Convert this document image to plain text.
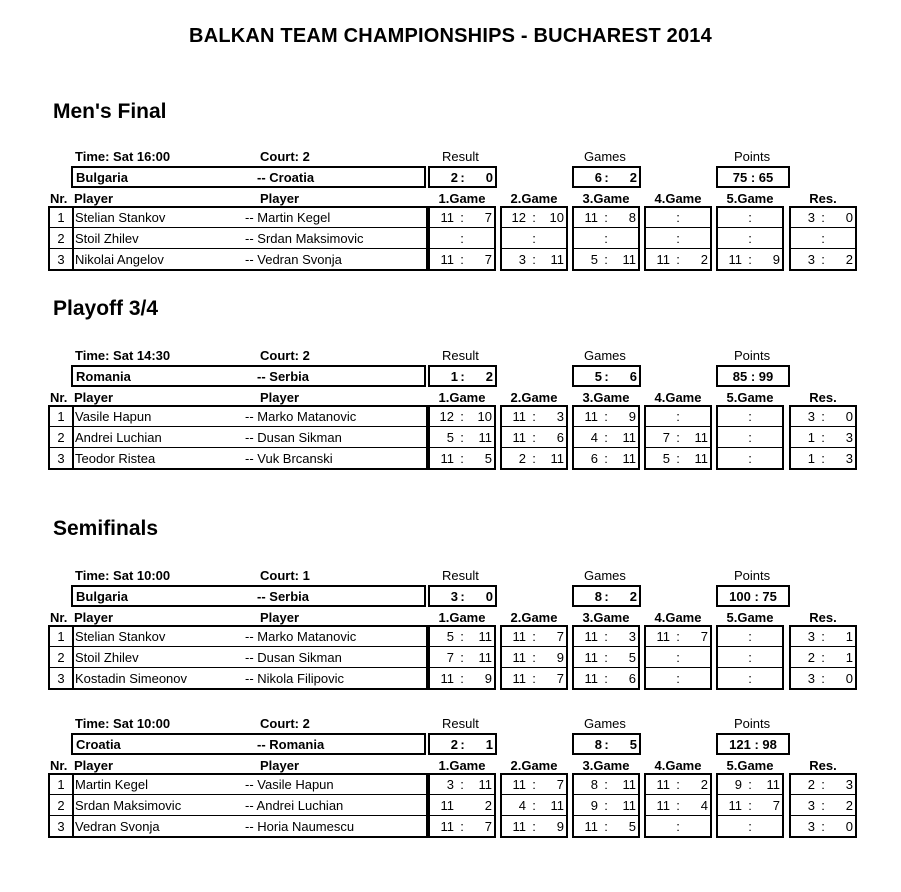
BALKAN TEAM CHAMPIONSHIPS - BUCHAREST 2014
Men's Final
Playoff 3/4
Semifinals
Time: Sat 16:00	Court: 2	Result	Games	Points
Bulgaria	-- Croatia	2 :	0	6 :	2	75 : 65
Nr. Player	Player	1.Game	2.Game	3.Game	4.Game	5.Game	Res.
1 Stelian Stankov	-- Martin Kegel	11 :	7	12 :	10	11 :	8	:	:	3 :	0
2 Stoil Zhilev	-- Srdan Maksimovic	:	:	:	:	:	:
3 Nikolai Angelov	-- Vedran Svonja	11 :	7	3 :	11	5 :	11	11 :	2	11 :	9	3 :	2
Time: Sat 14:30	Court: 2	Result	Games	Points
Romania	-- Serbia	1 :	2	5 :	6	85 : 99
Nr. Player	Player	1.Game	2.Game	3.Game	4.Game	5.Game	Res.
1 Vasile Hapun	-- Marko Matanovic	12 :	10	11 :	3	11 :	9	:	:	3 :	0
2 Andrei Luchian	-- Dusan Sikman	5 :	11	11 :	6	4 :	11	7 :	11	:	1 :	3
3 Teodor Ristea	-- Vuk Brcanski	11 :	5	2 :	11	6 :	11	5 :	11	:	1 :	3
Time: Sat 10:00	Court: 1	Result	Games	Points
Bulgaria	-- Serbia	3 :	0	8 :	2	100 : 75
Nr. Player	Player	1.Game	2.Game	3.Game	4.Game	5.Game	Res.
1 Stelian Stankov	-- Marko Matanovic	5 :	11	11 :	7	11 :	3	11 :	7	:	3 :	1
2 Stoil Zhilev	-- Dusan Sikman	7 :	11	11 :	9	11 :	5	:	:	2 :	1
3 Kostadin Simeonov	-- Nikola Filipovic	11 :	9	11 :	7	11 :	6	:	:	3 :	0
Time: Sat 10:00	Court: 2	Result	Games	Points
Croatia	-- Romania	2 :	1	8 :	5	121 : 98
Nr. Player	Player	1.Game	2.Game	3.Game	4.Game	5.Game	Res.
1 Martin Kegel	-- Vasile Hapun	3 :	11	11 :	7	8 :	11	11 :	2	9 :	11	2 :	3
2 Srdan Maksimovic	-- Andrei Luchian	11	2	4 :	11	9 :	11	11 :	4	11 :	7	3 :	2
3 Vedran Svonja	-- Horia Naumescu	11 :	7	11 :	9	11 :	5	:	:	3 :	0
